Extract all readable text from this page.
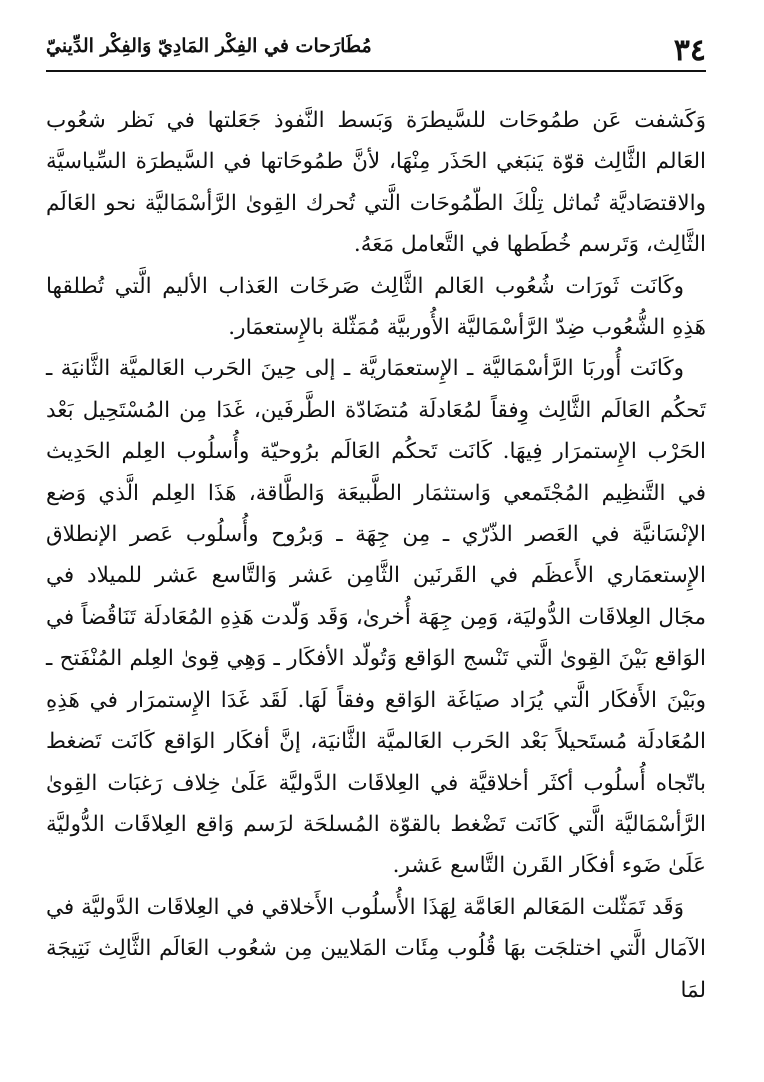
٣٤
مُطَارَحات في الفِكْر المَادِيّ وَالفِكْر الدِّينيّ

وَكَشفت عَن طمُوحَات للسَّيطرَة وَبَسط النَّفوذ جَعَلتها في نَظر شعُوب العَالم الثَّالِث قوّة يَنبَغي الحَذَر مِنْهَا، لأنَّ طمُوحَاتها في السَّيطرَة السِّياسيَّة والاقتصَاديَّة تُماثل تِلْكَ الطّمُوحَات الَّتي تُحرك القِوىٰ الرَّأسْمَاليَّة نحو العَالَم الثَّالِث، وَتَرسم خُطَطها في التَّعامل مَعَهُ.

وكَانَت ثَورَات شُعُوب العَالم الثَّالِث صَرخَات العَذاب الأليم الَّتي تُطلقها هَذِهِ الشُّعُوب ضِدّ الرَّأسْمَاليَّة الأُوربيَّة مُمَثّلة بالإِستعمَار.

وكَانَت أُوربَا الرَّأسْمَاليَّة ـ الإِستعمَاريَّة ـ إلى حِينَ الحَرب العَالميَّة الثَّانيَة ـ تَحكُم العَالَم الثَّالِث وِفقاً لمُعَادلَة مُتضَادّة الطَّرفَين، غَدَا مِن المُسْتَحِيل بَعْد الحَرْب الإِستمرَار فِيهَا. كَانَت تَحكُم العَالَم برُوحيّة وأُسلُوب العِلم الحَدِيث في التَّنظِيم المُجْتَمعي وَاستثمَار الطَّبيعَة وَالطَّاقة، هَذَا العِلم الَّذي وَضع الإنْسَانيَّة في العَصر الذّرّي ـ مِن جِهَة ـ وَبرُوح وأُسلُوب عَصر الإنطلاق الإِستعمَاري الأَعظَم في القَرنَين الثَّامِن عَشر وَالتَّاسع عَشر للميلاد في مجَال العِلاقَات الدُّوليَة، وَمِن جِهَة أُخرىٰ، وَقَد وَلّدت هَذِهِ المُعَادلَة تَنَاقُضاً في الوَاقع بَيْنَ القِوىٰ الَّتي تَنْسج الوَاقع وَتُولّد الأفكَار ـ وَهِي قِوىٰ العِلم المُنْفَتح ـ وبَيْنَ الأَفكَار الَّتي يُرَاد صيَاغَة الوَاقع وفقاً لَهَا. لَقَد غَدَا الإِستمرَار في هَذِهِ المُعَادلَة مُستَحيلاً بَعْد الحَرب العَالميَّة الثَّانيَة، إنَّ أفكَار الوَاقع كَانَت تَضغط باتّجاه أُسلُوب أكثَر أخلاقيَّة في العِلاقَات الدَّوليَّة عَلَىٰ خِلاف رَغبَات القِوىٰ الرَّأسْمَاليَّة الَّتي كَانَت تَضْغط بالقوّة المُسلحَة لرَسم وَاقع العِلاقَات الدُّوليَّة عَلَىٰ ضَوء أفكَار القَرن التَّاسع عَشر.

وَقَد تَمَثّلت المَعَالم العَامَّة لِهَذَا الأُسلُوب الأَخلاقي في العِلاقَات الدَّوليَّة في الآمَال الَّتي اختلجَت بهَا قُلُوب مِئَات المَلايين مِن شعُوب العَالَم الثَّالِث نَتِيجَة لمَا
